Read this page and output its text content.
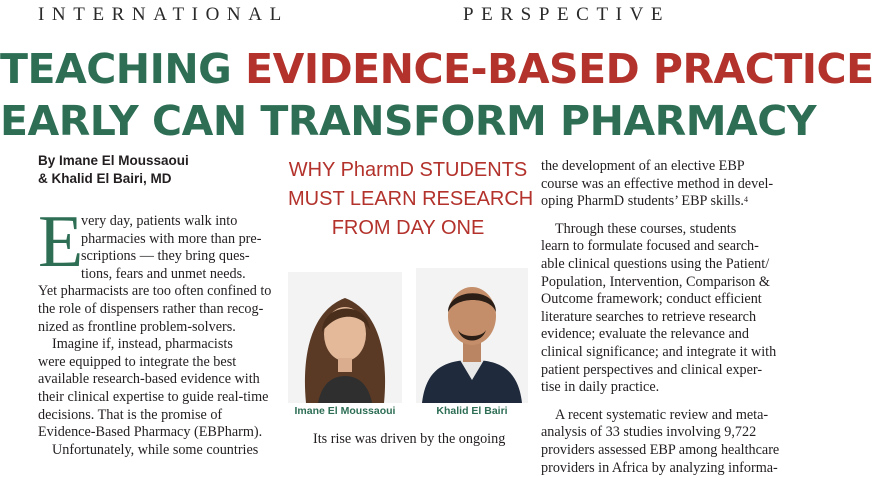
INTERNATIONAL	PERSPECTIVE
TEACHING EVIDENCE-BASED PRACTICE
EARLY CAN TRANSFORM PHARMACY
By Imane El Moussaoui
& Khalid El Bairi, MD
E
very day, patients walk into
pharmacies with more than pre-
scriptions — they bring ques-
tions, fears and unmet needs.
Yet pharmacists are too often confined to
the role of dispensers rather than recog-
nized as frontline problem-solvers.
Imagine if, instead, pharmacists
were equipped to integrate the best
available research-based evidence with
their clinical expertise to guide real-time
decisions. That is the promise of
Evidence-Based Pharmacy (EBPharm).
Unfortunately, while some countries
WHY PharmD STUDENTS
MUST LEARN RESEARCH
FROM DAY ONE
Imane El Moussaoui	Khalid El Bairi
Its rise was driven by the ongoing
the development of an elective EBP
course was an effective method in devel-
oping PharmD students’ EBP skills.$^4$
Through these courses, students
learn to formulate focused and search-
able clinical questions using the Patient/
Population, Intervention, Comparison &
Outcome framework; conduct efficient
literature searches to retrieve research
evidence; evaluate the relevance and
clinical significance; and integrate it with
patient perspectives and clinical exper-
tise in daily practice.
A recent systematic review and meta-
analysis of 33 studies involving 9,722
providers assessed EBP among healthcare
providers in Africa by analyzing informa-
